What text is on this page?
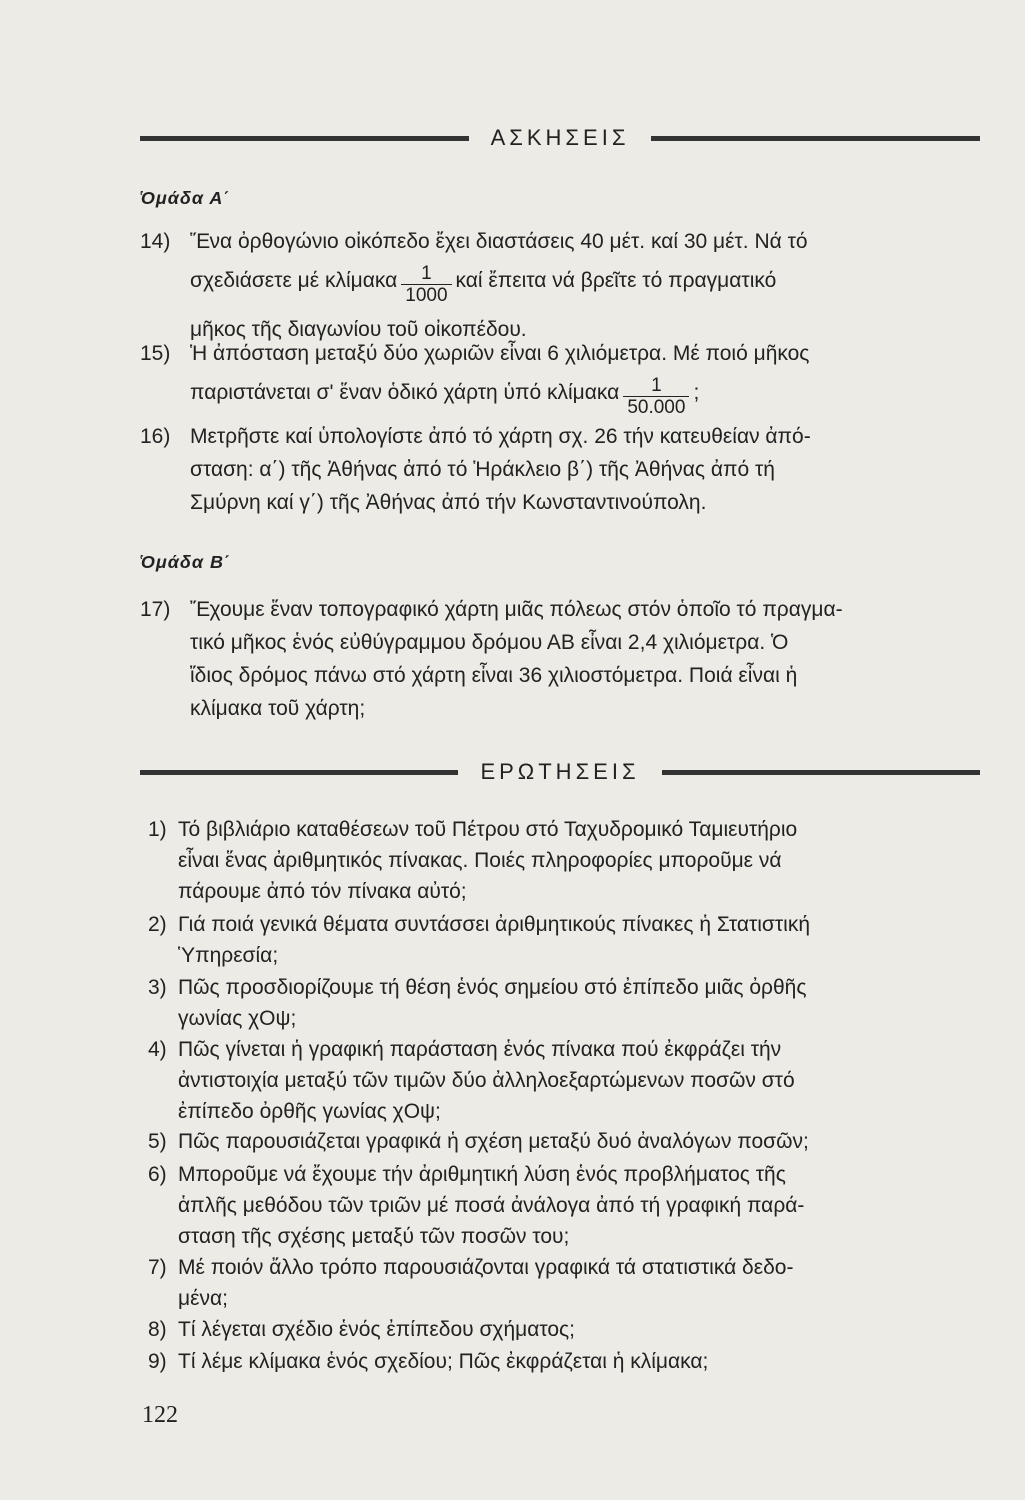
ΑΣΚΗΣΕΙΣ
Ὁμάδα Α΄
14) Ἕνα ὀρθογώνιο οἰκόπεδο ἔχει διαστάσεις 40 μέτ. καί 30 μέτ. Νά τό
σχεδιάσετε μέ κλίμακα $\frac{1}{1000}$ καί ἔπειτα νά βρεῖτε τό πραγματικό
μῆκος τῆς διαγωνίου τοῦ οἰκοπέδου.
15) Ἡ ἀπόσταση μεταξύ δύο χωριῶν εἶναι 6 χιλιόμετρα. Μέ ποιό μῆκος
παριστάνεται σ' ἕναν ὁδικό χάρτη ὑπό κλίμακα $\frac{1}{50.000}$ ;
16) Μετρῆστε καί ὑπολογίστε ἀπό τό χάρτη σχ. 26 τήν κατευθείαν ἀπό-
σταση: α΄) τῆς Ἀθήνας ἀπό τό Ἡράκλειο β΄) τῆς Ἀθήνας ἀπό τή
Σμύρνη καί γ΄) τῆς Ἀθήνας ἀπό τήν Κωνσταντινούπολη.
Ὁμάδα Β΄
17) Ἔχουμε ἕναν τοπογραφικό χάρτη μιᾶς πόλεως στόν ὁποῖο τό πραγμα-
τικό μῆκος ἑνός εὐθύγραμμου δρόμου ΑΒ εἶναι 2,4 χιλιόμετρα. Ὁ
ἴδιος δρόμος πάνω στό χάρτη εἶναι 36 χιλιοστόμετρα. Ποιά εἶναι ἡ
κλίμακα τοῦ χάρτη;
ΕΡΩΤΗΣΕΙΣ
1) Τό βιβλιάριο καταθέσεων τοῦ Πέτρου στό Ταχυδρομικό Ταμιευτήριο
εἶναι ἕνας ἀριθμητικός πίνακας. Ποιές πληροφορίες μποροῦμε νά
πάρουμε ἀπό τόν πίνακα αὐτό;
2) Γιά ποιά γενικά θέματα συντάσσει ἀριθμητικούς πίνακες ἡ Στατιστική
Ὑπηρεσία;
3) Πῶς προσδιορίζουμε τή θέση ἑνός σημείου στό ἐπίπεδο μιᾶς ὀρθῆς
γωνίας χΟψ;
4) Πῶς γίνεται ἡ γραφική παράσταση ἑνός πίνακα πού ἐκφράζει τήν
ἀντιστοιχία μεταξύ τῶν τιμῶν δύο ἀλληλοεξαρτώμενων ποσῶν στό
ἐπίπεδο ὀρθῆς γωνίας χΟψ;
5) Πῶς παρουσιάζεται γραφικά ἡ σχέση μεταξύ δυό ἀναλόγων ποσῶν;
6) Μποροῦμε νά ἔχουμε τήν ἀριθμητική λύση ἑνός προβλήματος τῆς
ἁπλῆς μεθόδου τῶν τριῶν μέ ποσά ἀνάλογα ἀπό τή γραφική παρά-
σταση τῆς σχέσης μεταξύ τῶν ποσῶν του;
7) Μέ ποιόν ἄλλο τρόπο παρουσιάζονται γραφικά τά στατιστικά δεδο-
μένα;
8) Τί λέγεται σχέδιο ἑνός ἐπίπεδου σχήματος;
9) Τί λέμε κλίμακα ἑνός σχεδίου; Πῶς ἐκφράζεται ἡ κλίμακα;
122
